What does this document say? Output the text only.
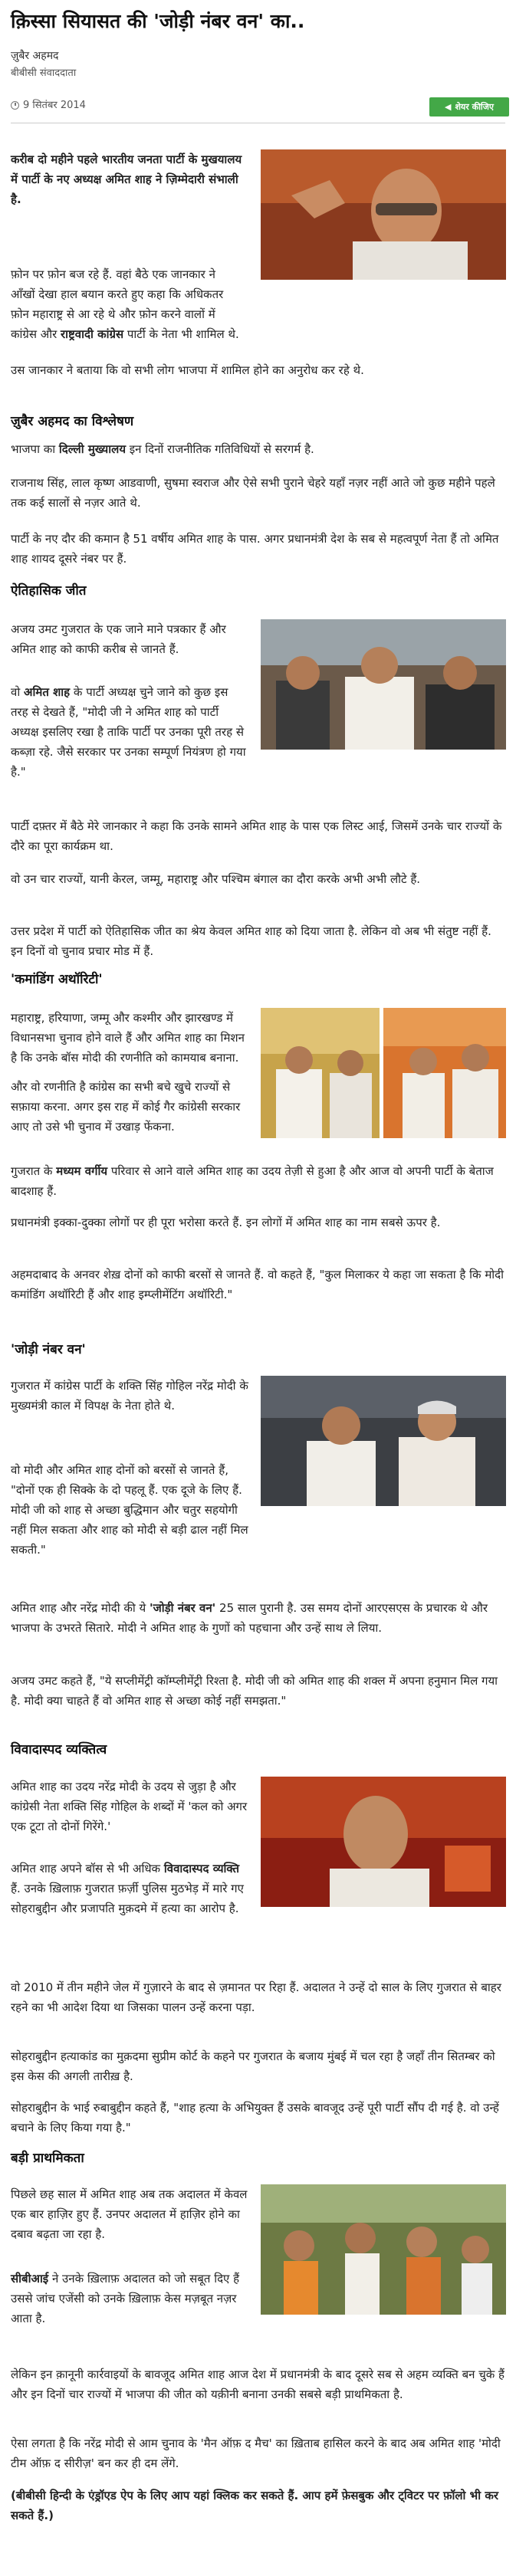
क़िस्सा सियासत की 'जोड़ी नंबर वन' का..
ज़ुबैर अहमद
बीबीसी संवाददाता
9 सितंबर 2014	◀ शेयर कीजिए
करीब दो महीने पहले भारतीय जनता पार्टी के मुखयालय में पार्टी के नए अध्यक्ष अमित शाह ने ज़िम्मेदारी संभाली है.
फ़ोन पर फ़ोन बज रहे हैं. वहां बैठे एक जानकार ने आँखों देखा हाल बयान करते हुए कहा कि अधिकतर फ़ोन महाराष्ट्र से आ रहे थे और फ़ोन करने वालों में कांग्रेस और राष्ट्रवादी कांग्रेस पार्टी के नेता भी शामिल थे.
उस जानकार ने बताया कि वो सभी लोग भाजपा में शामिल होने का अनुरोध कर रहे थे.
ज़ुबैर अहमद का विश्लेषण
भाजपा का दिल्ली मुख्यालय इन दिनों राजनीतिक गतिविधियों से सरगर्म है.
राजनाथ सिंह, लाल कृष्ण आडवाणी, सुषमा स्वराज और ऐसे सभी पुराने चेहरे यहाँ नज़र नहीं आते जो कुछ महीने पहले तक कई सालों से नज़र आते थे.
पार्टी के नए दौर की कमान है 51 वर्षीय अमित शाह के पास. अगर प्रधानमंत्री देश के सब से महत्वपूर्ण नेता हैं तो अमित शाह शायद दूसरे नंबर पर हैं.
ऐतिहासिक जीत
अजय उमट गुजरात के एक जाने माने पत्रकार हैं और अमित शाह को काफी करीब से जानते हैं.
वो अमित शाह के पार्टी अध्यक्ष चुने जाने को कुछ इस तरह से देखते हैं, "मोदी जी ने अमित शाह को पार्टी अध्यक्ष इसलिए रखा है ताकि पार्टी पर उनका पूरी तरह से कब्ज़ा रहे. जैसे सरकार पर उनका सम्पूर्ण नियंत्रण हो गया है."
पार्टी दफ़्तर में बैठे मेरे जानकार ने कहा कि उनके सामने अमित शाह के पास एक लिस्ट आई, जिसमें उनके चार राज्यों के दौरे का पूरा कार्यक्रम था.
वो उन चार राज्यों, यानी केरल, जम्मू, महाराष्ट्र और पश्चिम बंगाल का दौरा करके अभी अभी लौटे हैं.
उत्तर प्रदेश में पार्टी को ऐतिहासिक जीत का श्रेय केवल अमित शाह को दिया जाता है. लेकिन वो अब भी संतुष्ट नहीं हैं. इन दिनों वो चुनाव प्रचार मोड में हैं.
'कमांडिंग अथॉरिटी'
महाराष्ट्र, हरियाणा, जम्मू और कश्मीर और झारखण्ड में विधानसभा चुनाव होने वाले हैं और अमित शाह का मिशन है कि उनके बॉस मोदी की रणनीति को कामयाब बनाना.
और वो रणनीति है कांग्रेस का सभी बचे खुचे राज्यों से सफ़ाया करना. अगर इस राह में कोई गैर कांग्रेसी सरकार आए तो उसे भी चुनाव में उखाड़ फेंकना.
गुजरात के मध्यम वर्गीय परिवार से आने वाले अमित शाह का उदय तेज़ी से हुआ है और आज वो अपनी पार्टी के बेताज बादशाह हैं.
प्रधानमंत्री इक्का-दुक्का लोगों पर ही पूरा भरोसा करते हैं. इन लोगों में अमित शाह का नाम सबसे ऊपर है.
अहमदाबाद के अनवर शेख़ दोनों को काफी बरसों से जानते हैं. वो कहते हैं, "कुल मिलाकर ये कहा जा सकता है कि मोदी कमांडिंग अथॉरिटी हैं और शाह इम्प्लीमेंटिंग अथॉरिटी."
'जोड़ी नंबर वन'
गुजरात में कांग्रेस पार्टी के शक्ति सिंह गोहिल नरेंद्र मोदी के मुख्यमंत्री काल में विपक्ष के नेता होते थे.
वो मोदी और अमित शाह दोनों को बरसों से जानते हैं, "दोनों एक ही सिक्के के दो पहलू हैं. एक दूजे के लिए हैं. मोदी जी को शाह से अच्छा बुद्धिमान और चतुर सहयोगी नहीं मिल सकता और शाह को मोदी से बड़ी ढाल नहीं मिल सकती."
अमित शाह और नरेंद्र मोदी की ये 'जोड़ी नंबर वन' 25 साल पुरानी है. उस समय दोनों आरएसएस के प्रचारक थे और भाजपा के उभरते सितारे. मोदी ने अमित शाह के गुणों को पहचाना और उन्हें साथ ले लिया.
अजय उमट कहते हैं, "ये सप्लीमेंट्री कॉम्प्लीमेंट्री रिश्ता है. मोदी जी को अमित शाह की शक्ल में अपना हनुमान मिल गया है. मोदी क्या चाहते हैं वो अमित शाह से अच्छा कोई नहीं समझता."
विवादास्पद व्यक्तित्व
अमित शाह का उदय नरेंद्र मोदी के उदय से जुड़ा है और कांग्रेसी नेता शक्ति सिंह गोहिल के शब्दों में 'कल को अगर एक टूटा तो दोनों गिरेंगे.'
अमित शाह अपने बॉस से भी अधिक विवादास्पद व्यक्ति हैं. उनके ख़िलाफ़ गुजरात फ़र्ज़ी पुलिस मुठभेड़ में मारे गए सोहराबुद्दीन और प्रजापति मुक़दमे में हत्या का आरोप है.
वो 2010 में तीन महीने जेल में गुज़ारने के बाद से ज़मानत पर रिहा हैं. अदालत ने उन्हें दो साल के लिए गुजरात से बाहर रहने का भी आदेश दिया था जिसका पालन उन्हें करना पड़ा.
सोहराबुद्दीन हत्याकांड का मुक़दमा सुप्रीम कोर्ट के कहने पर गुजरात के बजाय मुंबई में चल रहा है जहाँ तीन सितम्बर को इस केस की अगली तारीख़ है.
सोहराबुद्दीन के भाई रुबाबुद्दीन कहते हैं, "शाह हत्या के अभियुक्त हैं उसके बावजूद उन्हें पूरी पार्टी सौंप दी गई है. वो उन्हें बचाने के लिए किया गया है."
बड़ी प्राथमिकता
पिछले छह साल में अमित शाह अब तक अदालत में केवल एक बार हाज़िर हुए हैं. उनपर अदालत में हाज़िर होने का दबाव बढ़ता जा रहा है.
सीबीआई ने उनके ख़िलाफ़ अदालत को जो सबूत दिए हैं उससे जांच एजेंसी को उनके ख़िलाफ़ केस मज़बूत नज़र आता है.
लेकिन इन क़ानूनी कार्रवाइयों के बावजूद अमित शाह आज देश में प्रधानमंत्री के बाद दूसरे सब से अहम व्यक्ति बन चुके हैं और इन दिनों चार राज्यों में भाजपा की जीत को यक़ीनी बनाना उनकी सबसे बड़ी प्राथमिकता है.
ऐसा लगता है कि नरेंद्र मोदी से आम चुनाव के 'मैन ऑफ़ द मैच' का ख़िताब हासिल करने के बाद अब अमित शाह 'मोदी टीम ऑफ़ द सीरीज़' बन कर ही दम लेंगे.
(बीबीसी हिन्दी के एंड्रॉएड ऐप के लिए आप यहां क्लिक कर सकते हैं. आप हमें फ़ेसबुक और ट्विटर पर फ़ॉलो भी कर सकते हैं.)
